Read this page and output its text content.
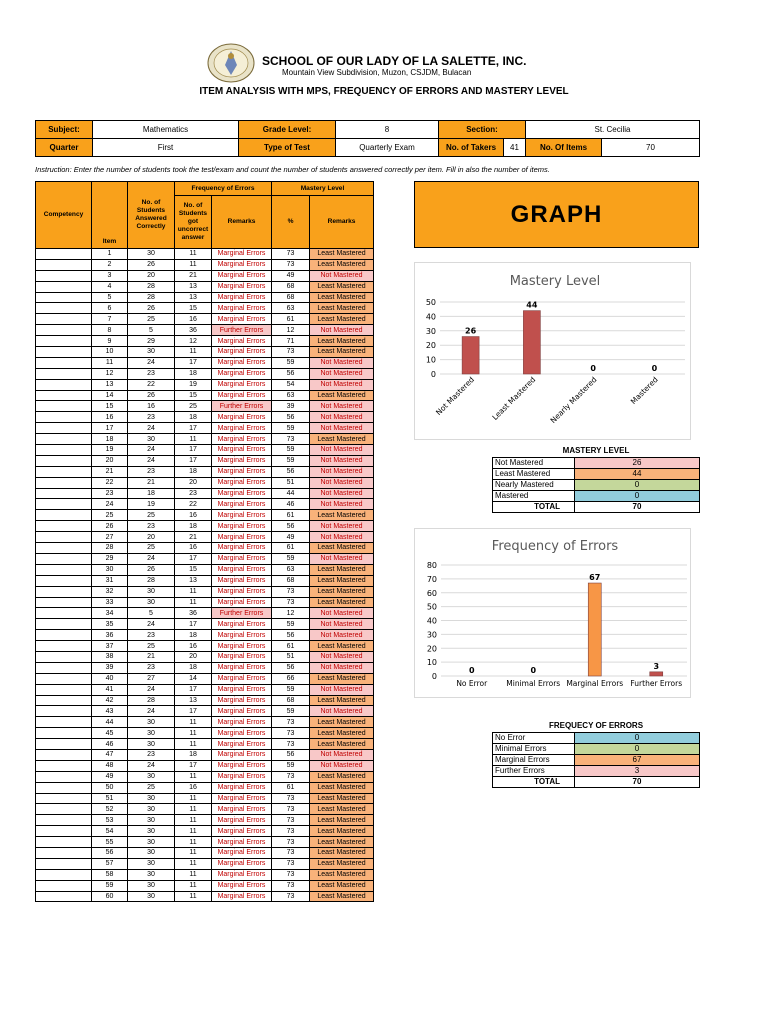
SCHOOL OF OUR LADY OF LA SALETTE, INC.
Mountain View Subdivision, Muzon, CSJDM, Bulacan
ITEM ANALYSIS WITH MPS, FREQUENCY OF ERRORS AND MASTERY LEVEL
Subject:	Mathematics	Grade Level:	8	Section:		St. Cecilia
Quarter	First	Type of Test	Quarterly Exam	No. of Takers	41	No. Of Items 70
Instruction: Enter the number of students took the test/exam and count the number of students answered correctly per item. Fill in also the number of items.
Competency	Item	No. of Students Answered Correctly	Frequency of Errors		Mastery Level	
			No. of Students got uncorrect answer	Remarks	%	Remarks
	1	30	11	Marginal Errors	73	Least Mastered
	2	26	11	Marginal Errors	73	Least Mastered
	3	20	21	Marginal Errors	49	Not Mastered
	4	28	13	Marginal Errors	68	Least Mastered
	5	28	13	Marginal Errors	68	Least Mastered
	6	26	15	Marginal Errors	63	Least Mastered
	7	25	16	Marginal Errors	61	Least Mastered
	8	5	36	Further Errors	12	Not Mastered
	9	29	12	Marginal Errors	71	Least Mastered
	10	30	11	Marginal Errors	73	Least Mastered
	11	24	17	Marginal Errors	59	Not Mastered
	12	23	18	Marginal Errors	56	Not Mastered
	13	22	19	Marginal Errors	54	Not Mastered
	14	26	15	Marginal Errors	63	Least Mastered
	15	16	25	Further Errors	39	Not Mastered
	16	23	18	Marginal Errors	56	Not Mastered
	17	24	17	Marginal Errors	59	Not Mastered
	18	30	11	Marginal Errors	73	Least Mastered
	19	24	17	Marginal Errors	59	Not Mastered
	20	24	17	Marginal Errors	59	Not Mastered
	21	23	18	Marginal Errors	56	Not Mastered
	22	21	20	Marginal Errors	51	Not Mastered
	23	18	23	Marginal Errors	44	Not Mastered
	24	19	22	Marginal Errors	46	Not Mastered
	25	25	16	Marginal Errors	61	Least Mastered
	26	23	18	Marginal Errors	56	Not Mastered
	27	20	21	Marginal Errors	49	Not Mastered
	28	25	16	Marginal Errors	61	Least Mastered
	29	24	17	Marginal Errors	59	Not Mastered
	30	26	15	Marginal Errors	63	Least Mastered
	31	28	13	Marginal Errors	68	Least Mastered
	32	30	11	Marginal Errors	73	Least Mastered
	33	30	11	Marginal Errors	73	Least Mastered
	34	5	36	Further Errors	12	Not Mastered
	35	24	17	Marginal Errors	59	Not Mastered
	36	23	18	Marginal Errors	56	Not Mastered
	37	25	16	Marginal Errors	61	Least Mastered
	38	21	20	Marginal Errors	51	Not Mastered
	39	23	18	Marginal Errors	56	Not Mastered
	40	27	14	Marginal Errors	66	Least Mastered
	41	24	17	Marginal Errors	59	Not Mastered
	42	28	13	Marginal Errors	68	Least Mastered
	43	24	17	Marginal Errors	59	Not Mastered
	44	30	11	Marginal Errors	73	Least Mastered
	45	30	11	Marginal Errors	73	Least Mastered
	46	30	11	Marginal Errors	73	Least Mastered
	47	23	18	Marginal Errors	56	Not Mastered
	48	24	17	Marginal Errors	59	Not Mastered
	49	30	11	Marginal Errors	73	Least Mastered
	50	25	16	Marginal Errors	61	Least Mastered
	51	30	11	Marginal Errors	73	Least Mastered
	52	30	11	Marginal Errors	73	Least Mastered
	53	30	11	Marginal Errors	73	Least Mastered
	54	30	11	Marginal Errors	73	Least Mastered
	55	30	11	Marginal Errors	73	Least Mastered
	56	30	11	Marginal Errors	73	Least Mastered
	57	30	11	Marginal Errors	73	Least Mastered
	58	30	11	Marginal Errors	73	Least Mastered
	59	30	11	Marginal Errors	73	Least Mastered
	60	30	11	Marginal Errors	73	Least Mastered
GRAPH
Mastery Level
0
10
20
30
40
50
26
Not Mastered
44
Least Mastered
0
Nearly Mastered
0
Mastered
MASTERY LEVEL	
Not Mastered	26
Least Mastered	44
Nearly Mastered	0
Mastered	0
TOTAL	70
Frequency of Errors
0
10
20
30
40
50
60
70
80
0
No Error
0
Minimal Errors
67
Marginal Errors
3
Further Errors
FREQUECY OF ERRORS	
No Error	0
Minimal Errors	0
Marginal Errors	67
Further Errors	3
TOTAL	70
